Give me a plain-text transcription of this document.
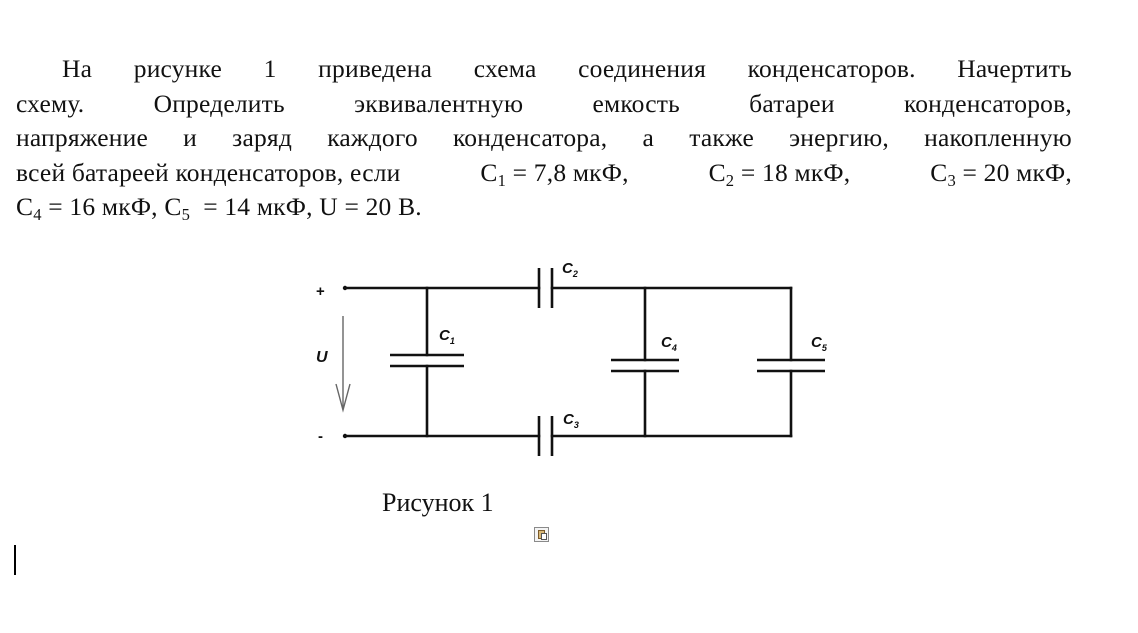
На рисунке 1 приведена схема соединения конденсаторов. Начертить
схему.	Определить	эквивалентную	емкость	батареи	конденсаторов,
напряжение и заряд каждого конденсатора, а также энергию, накопленную
всей батареей конденсаторов, если	$C_1 = 7,8$ мкФ,	$C_2 = 18$ мкФ,	$C_3 = 20$ мкФ,
$C_4 = 16$ мкФ,
$C_5 = 14$ мкФ,
U = 20 В.
+
-
U
$C_1$
$C_2$
$C_3$
$C_4$	$C_5$
Рисунок 1
